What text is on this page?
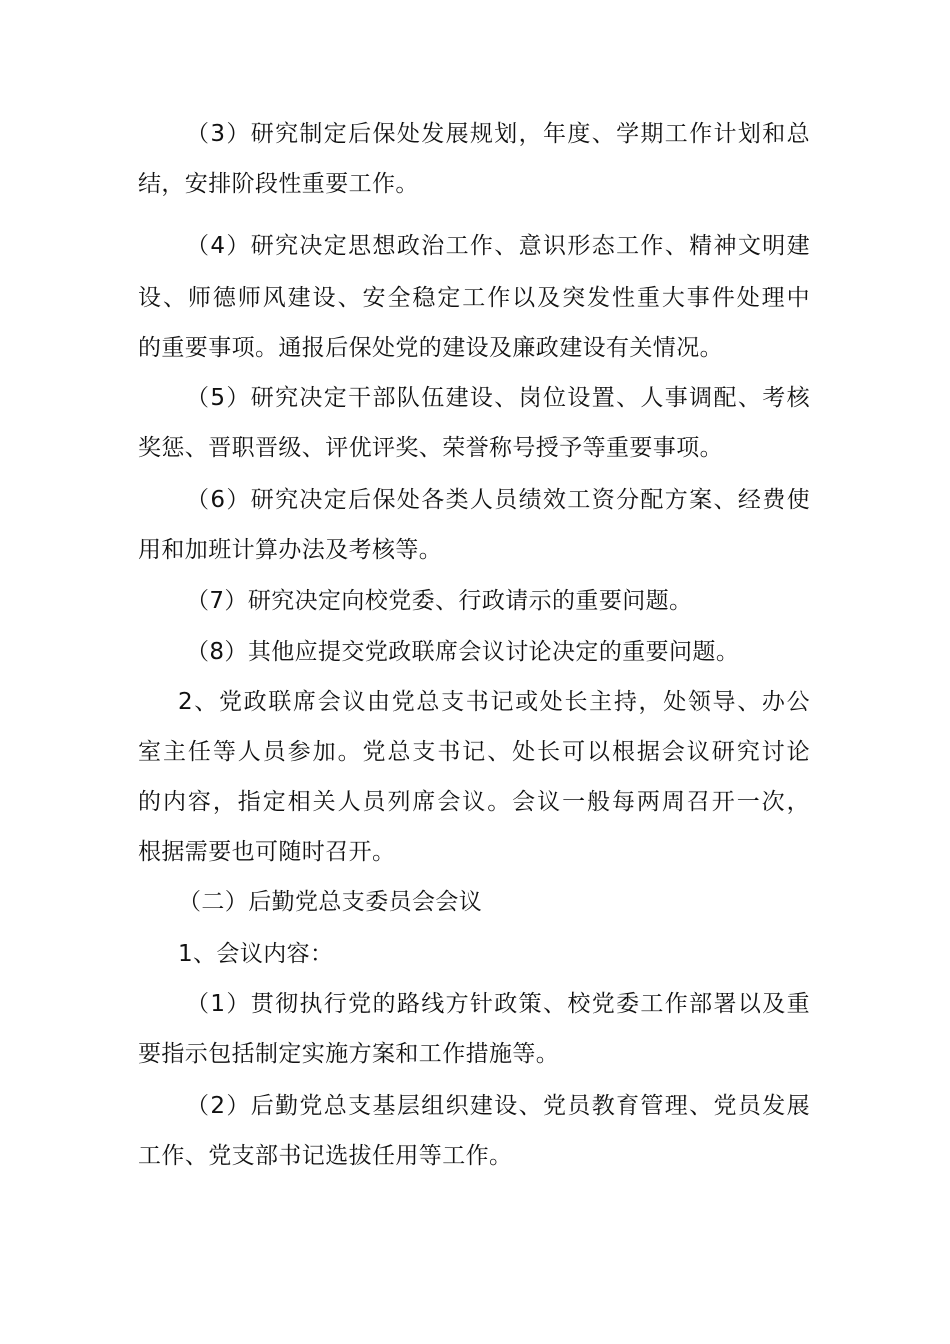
（3）研究制定后保处发展规划，年度、学期工作计划和总

结，安排阶段性重要工作。

（4）研究决定思想政治工作、意识形态工作、精神文明建

设、师德师风建设、安全稳定工作以及突发性重大事件处理中

的重要事项。通报后保处党的建设及廉政建设有关情况。

（5）研究决定干部队伍建设、岗位设置、人事调配、考核

奖惩、晋职晋级、评优评奖、荣誉称号授予等重要事项。

（6）研究决定后保处各类人员绩效工资分配方案、经费使

用和加班计算办法及考核等。

（7）研究决定向校党委、行政请示的重要问题。

（8）其他应提交党政联席会议讨论决定的重要问题。

2、党政联席会议由党总支书记或处长主持，处领导、办公

室主任等人员参加。党总支书记、处长可以根据会议研究讨论

的内容，指定相关人员列席会议。会议一般每两周召开一次，

根据需要也可随时召开。

（二）后勤党总支委员会会议

1、会议内容：

（1）贯彻执行党的路线方针政策、校党委工作部署以及重

要指示包括制定实施方案和工作措施等。

（2）后勤党总支基层组织建设、党员教育管理、党员发展

工作、党支部书记选拔任用等工作。
